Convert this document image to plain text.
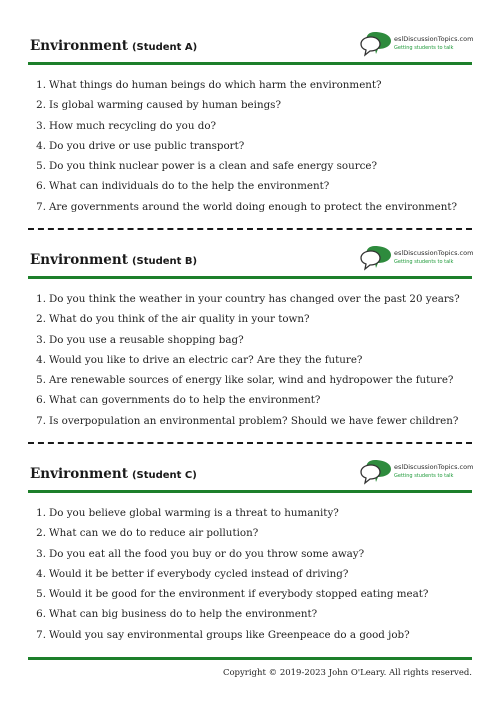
Environment (Student A)
eslDiscussionTopics.com
Getting students to talk
1. What things do human beings do which harm the environment?
2. Is global warming caused by human beings?
3. How much recycling do you do?
4. Do you drive or use public transport?
5. Do you think nuclear power is a clean and safe energy source?
6. What can individuals do to the help the environment?
7. Are governments around the world doing enough to protect the environment?
Environment (Student B)
eslDiscussionTopics.com
Getting students to talk
1. Do you think the weather in your country has changed over the past 20 years?
2. What do you think of the air quality in your town?
3. Do you use a reusable shopping bag?
4. Would you like to drive an electric car? Are they the future?
5. Are renewable sources of energy like solar, wind and hydropower the future?
6. What can governments do to help the environment?
7. Is overpopulation an environmental problem? Should we have fewer children?
Environment (Student C)
eslDiscussionTopics.com
Getting students to talk
1. Do you believe global warming is a threat to humanity?
2. What can we do to reduce air pollution?
3. Do you eat all the food you buy or do you throw some away?
4. Would it be better if everybody cycled instead of driving?
5. Would it be good for the environment if everybody stopped eating meat?
6. What can big business do to help the environment?
7. Would you say environmental groups like Greenpeace do a good job?
Copyright © 2019-2023 John O'Leary. All rights reserved.
